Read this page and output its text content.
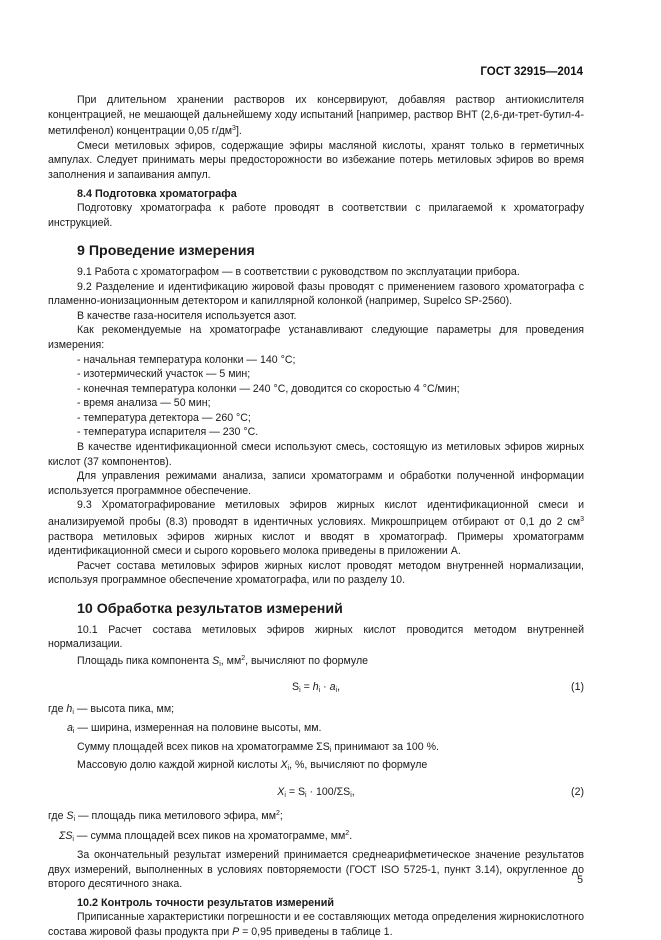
ГОСТ 32915—2014

При длительном хранении растворов их консервируют, добавляя раствор антиокислителя концентрацией, не мешающей дальнейшему ходу испытаний [например, раствор ВНТ (2,6-ди-трет-бутил-4-метилфенол) концентрации 0,05 $г/дм^3$].

Смеси метиловых эфиров, содержащие эфиры масляной кислоты, хранят только в герметичных ампулах. Следует принимать меры предосторожности во избежание потерь метиловых эфиров во время заполнения и запаивания ампул.

8.4 Подготовка хроматографа

Подготовку хроматографа к работе проводят в соответствии с прилагаемой к хроматографу инструкцией.

9 Проведение измерения

9.1 Работа с хроматографом — в соответствии с руководством по эксплуатации прибора.

9.2 Разделение и идентификацию жировой фазы проводят с применением газового хроматографа с пламенно-ионизационным детектором и капиллярной колонкой (например, Supelco SP-2560).

В качестве газа-носителя используется азот.

Как рекомендуемые на хроматографе устанавливают следующие параметры для проведения измерения:

- начальная температура колонки — 140 °С;

- изотермический участок — 5 мин;

- конечная температура колонки — 240 °С, доводится со скоростью 4 °С/мин;

- время анализа — 50 мин;

- температура детектора — 260 °С;

- температура испарителя — 230 °С.

В качестве идентификационной смеси используют смесь, состоящую из метиловых эфиров жирных кислот (37 компонентов).

Для управления режимами анализа, записи хроматограмм и обработки полученной информации используется программное обеспечение.

9.3 Хроматографирование метиловых эфиров жирных кислот идентификационной смеси и анализируемой пробы (8.3) проводят в идентичных условиях. Микрошприцем отбирают от 0,1 до 2 $см^3$ раствора метиловых эфиров жирных кислот и вводят в хроматограф. Примеры хроматограмм идентификационной смеси и сырого коровьего молока приведены в приложении А.

Расчет состава метиловых эфиров жирных кислот проводят методом внутренней нормализации, используя программное обеспечение хроматографа, или по разделу 10.

10 Обработка результатов измерений

10.1 Расчет состава метиловых эфиров жирных кислот проводится методом внутренней нормализации.

Площадь пика компонента $S_i$, $мм^2$, вычисляют по формуле

$S_i = h_i \cdot a_i$,	(1)

где $h_i$ — высота пика, мм;

$a_i$ — ширина, измеренная на половине высоты, мм.

Сумму площадей всех пиков на хроматограмме $\Sigma S_i$ принимают за 100 %.

Массовую долю каждой жирной кислоты $X_i$, %, вычисляют по формуле

$X_i = S_i \cdot 100/\Sigma S_i$,	(2)

где $S_i$ — площадь пика метилового эфира, $мм^2$;

$\Sigma S_i$ — сумма площадей всех пиков на хроматограмме, $мм^2$.

За окончательный результат измерений принимается среднеарифметическое значение результатов двух измерений, выполненных в условиях повторяемости (ГОСТ ISO 5725-1, пункт 3.14), округленное до второго десятичного знака.

10.2 Контроль точности результатов измерений

Приписанные характеристики погрешности и ее составляющих метода определения жирнокислотного состава жировой фазы продукта при P = 0,95 приведены в таблице 1.

5
